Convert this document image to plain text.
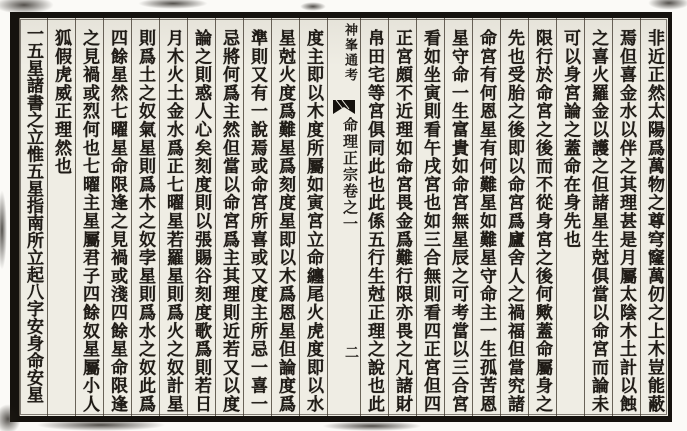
非近正然太陽爲萬物之尊穹窿萬仞之上木豈能蔽
焉但喜金水以伴之其理甚是月屬太陰木土計以蝕
之喜火羅金以護之但諸星生尅俱當以命宮而論未
可以身宮論之蓋命在身先也
限行於命宮之後而不從身宮之後何歟蓋命屬身之
先也受胎之後即以命宮爲廬舍人之禍福但當究諸
命宮有何恩星有何難星如難星守命主一生孤苦恩
星守命一生富貴如命宮無星辰之可考當以三合宮
看如坐寅則看午戌宮也如三合無則看四正宮但四
正宮頗不近理如命宮畏金爲難行限亦畏之凡諸財
帛田宅等宮俱同此也此係五行生尅正理之說也此
神峯通考
命理正宗卷之一
二
度主即以木度所屬如寅宮立命纏尾火虎度即以水
星尅火度爲難星爲刻度星即以木爲恩星但論度爲
準則又有一說焉或命宮所喜或又度主所忌一喜一
忌將何爲主然但當以命宮爲主其理則近若又以度
論之則惑人心矣刻度則以張賜谷刻度歌爲則若日
月木火土金水爲正七曜星若羅星則爲火之奴計星
則爲土之奴氣星則爲木之奴孛星則爲水之奴此爲
四餘星然七曜星命限逢之見禍或淺四餘星命限逢
之見禍或烈何也七曜主星屬君子四餘奴星屬小人
狐假虎威正理然也
一五星諸書之立惟五星指南所立起八字安身命安星
